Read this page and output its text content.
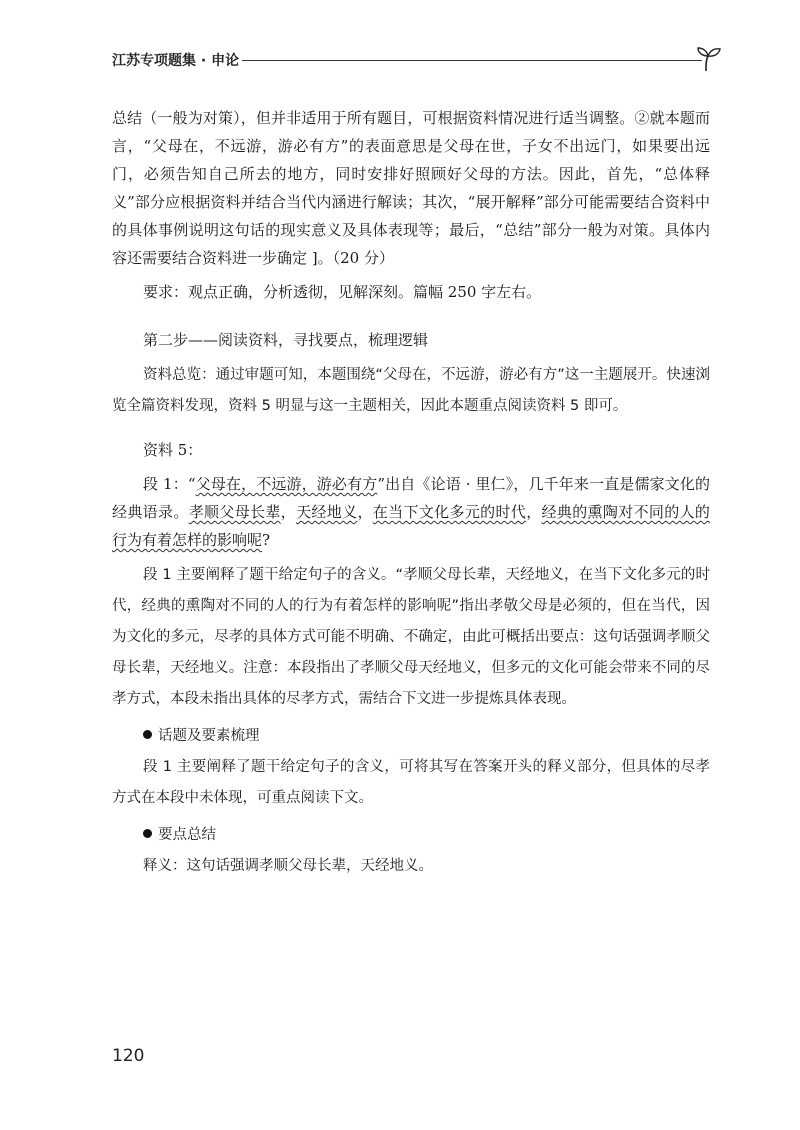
江苏专项题集 · 申论

总结（一般为对策），但并非适用于所有题目，可根据资料情况进行适当调整。②就本题而言，“父母在，不远游，游必有方”的表面意思是父母在世，子女不出远门，如果要出远门，必须告知自己所去的地方，同时安排好照顾好父母的方法。因此，首先，“总体释义”部分应根据资料并结合当代内涵进行解读；其次，“展开解释”部分可能需要结合资料中的具体事例说明这句话的现实意义及具体表现等；最后，“总结”部分一般为对策。具体内容还需要结合资料进一步确定 ]。（20 分）

要求：观点正确，分析透彻，见解深刻。篇幅 250 字左右。

第二步——阅读资料，寻找要点，梳理逻辑

资料总览：通过审题可知，本题围绕“父母在，不远游，游必有方”这一主题展开。快速浏览全篇资料发现，资料 5 明显与这一主题相关，因此本题重点阅读资料 5 即可。

资料 5：

段 1：“父母在，不远游，游必有方”出自《论语 · 里仁》，几千年来一直是儒家文化的经典语录。孝顺父母长辈，天经地义，在当下文化多元的时代，经典的熏陶对不同的人的行为有着怎样的影响呢?

段 1 主要阐释了题干给定句子的含义。“孝顺父母长辈，天经地义，在当下文化多元的时代，经典的熏陶对不同的人的行为有着怎样的影响呢”指出孝敬父母是必须的，但在当代，因为文化的多元，尽孝的具体方式可能不明确、不确定，由此可概括出要点：这句话强调孝顺父母长辈，天经地义。注意：本段指出了孝顺父母天经地义，但多元的文化可能会带来不同的尽孝方式，本段未指出具体的尽孝方式，需结合下文进一步提炼具体表现。

话题及要素梳理

段 1 主要阐释了题干给定句子的含义，可将其写在答案开头的释义部分，但具体的尽孝方式在本段中未体现，可重点阅读下文。

要点总结

释义：这句话强调孝顺父母长辈，天经地义。

120
